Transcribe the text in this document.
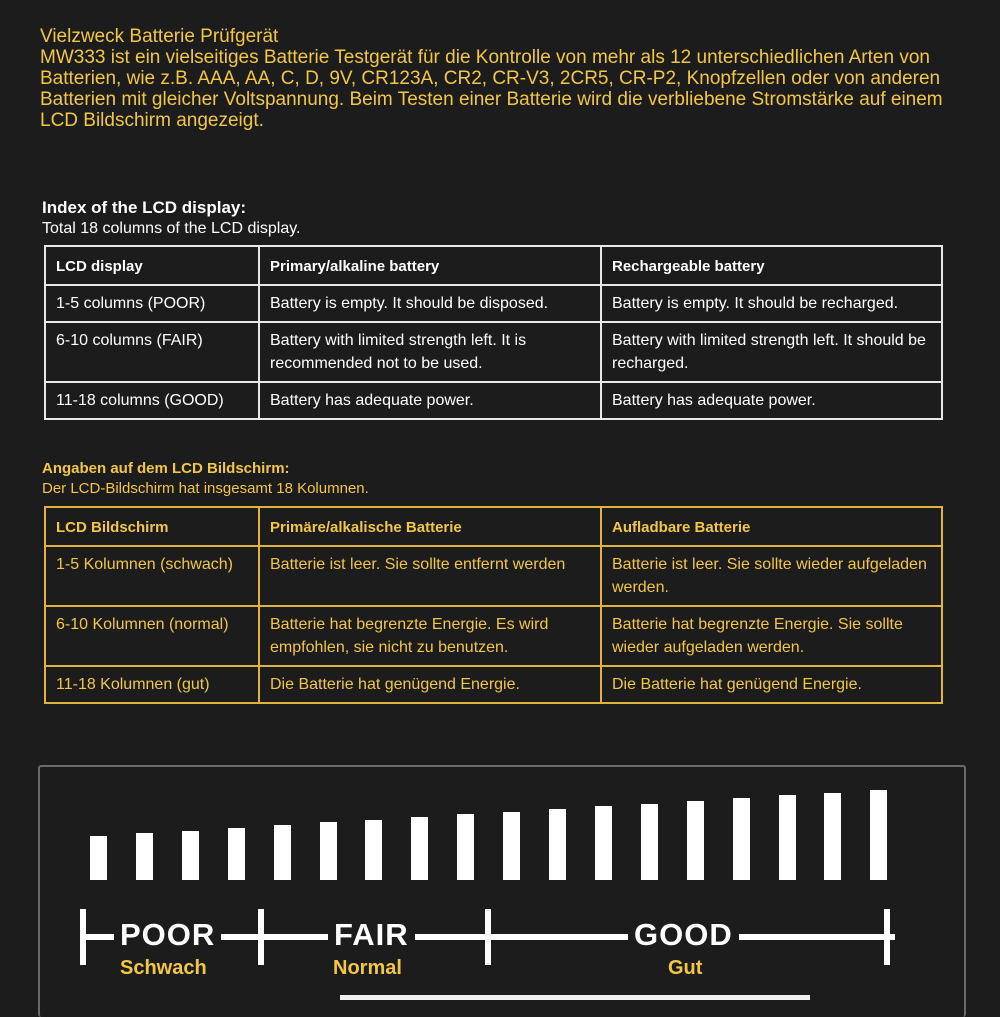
Vielzweck Batterie Prüfgerät

MW333 ist ein vielseitiges Batterie Testgerät für die Kontrolle von mehr als 12 unterschiedlichen Arten von Batterien, wie z.B. AAA, AA, C, D, 9V, CR123A, CR2, CR-V3, 2CR5, CR-P2, Knopfzellen oder von anderen Batterien mit gleicher Voltspannung. Beim Testen einer Batterie wird die verbliebene Stromstärke auf einem LCD Bildschirm angezeigt.

Index of the LCD display:
Total 18 columns of the LCD display.
LCD display	Primary/alkaline battery	Rechargeable battery
1-5 columns (POOR)	Battery is empty. It should be disposed.	Battery is empty. It should be recharged.
6-10 columns (FAIR)	Battery with limited strength left. It is recommended not to be used.	Battery with limited strength left. It should be recharged.
11-18 columns (GOOD)	Battery has adequate power.	Battery has adequate power.
Angaben auf dem LCD Bildschirm:
Der LCD-Bildschirm hat insgesamt 18 Kolumnen.
LCD Bildschirm	Primäre/alkalische Batterie	Aufladbare Batterie
1-5 Kolumnen (schwach)	Batterie ist leer. Sie sollte entfernt werden	Batterie ist leer. Sie sollte wieder aufgeladen werden.
6-10 Kolumnen (normal)	Batterie hat begrenzte Energie. Es wird empfohlen, sie nicht zu benutzen.	Batterie hat begrenzte Energie. Sie sollte wieder aufgeladen werden.
11-18 Kolumnen (gut)	Die Batterie hat genügend Energie.	Die Batterie hat genügend Energie.
POOR	FAIR	GOOD
Schwach	Normal	Gut
